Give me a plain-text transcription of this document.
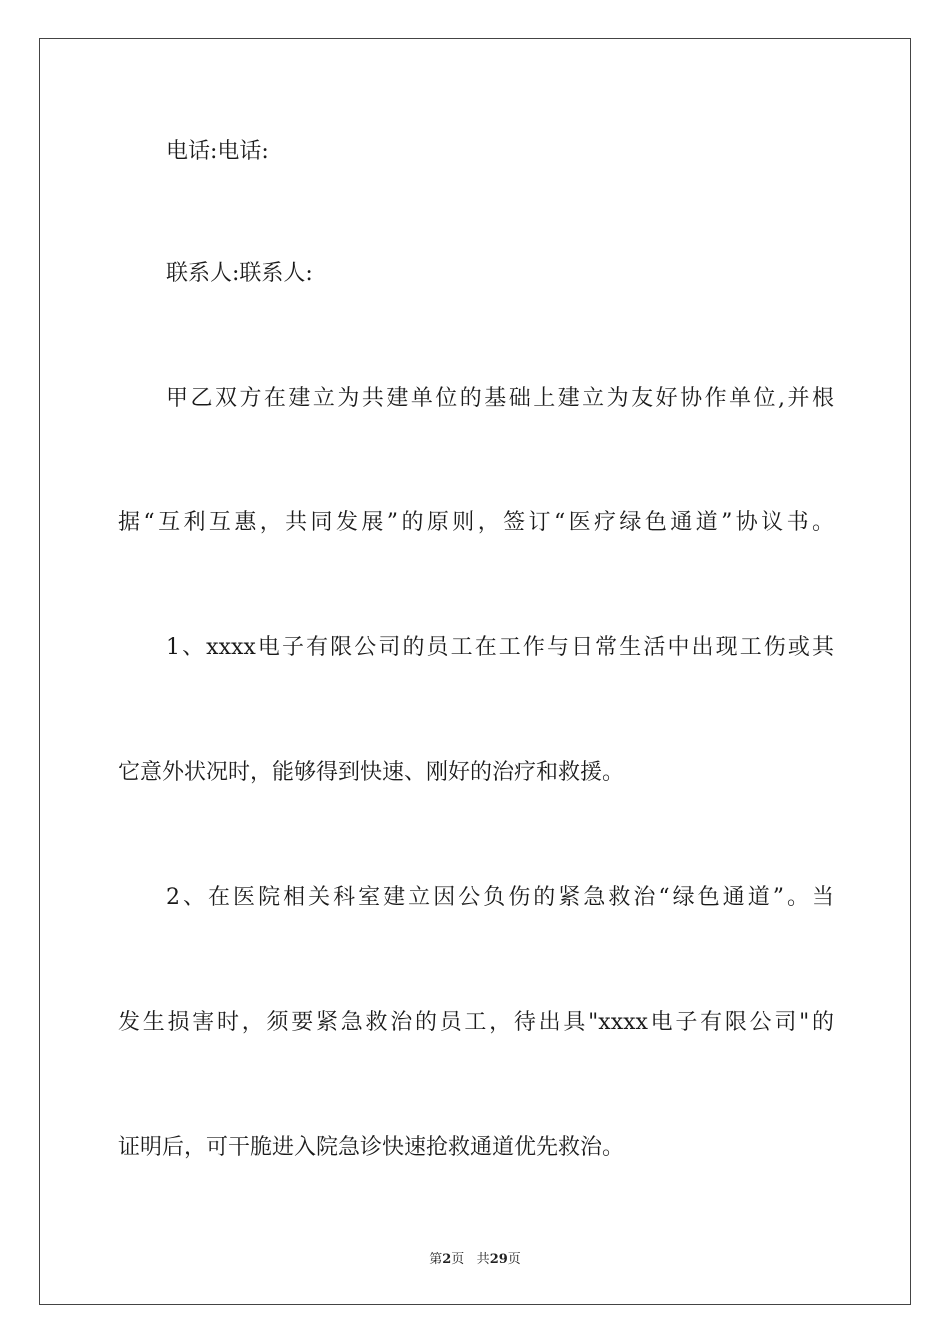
电话:电话:

联系人:联系人:

甲乙双方在建立为共建单位的基础上建立为友好协作单位,并根

据“互利互惠，共同发展”的原则，签订“医疗绿色通道”协议书。

1、xxxx电子有限公司的员工在工作与日常生活中出现工伤或其

它意外状况时，能够得到快速、刚好的治疗和救援。

2、在医院相关科室建立因公负伤的紧急救治“绿色通道”。当

发生损害时，须要紧急救治的员工，待出具"xxxx电子有限公司"的

证明后，可干脆进入院急诊快速抢救通道优先救治。

第2页 共29页
